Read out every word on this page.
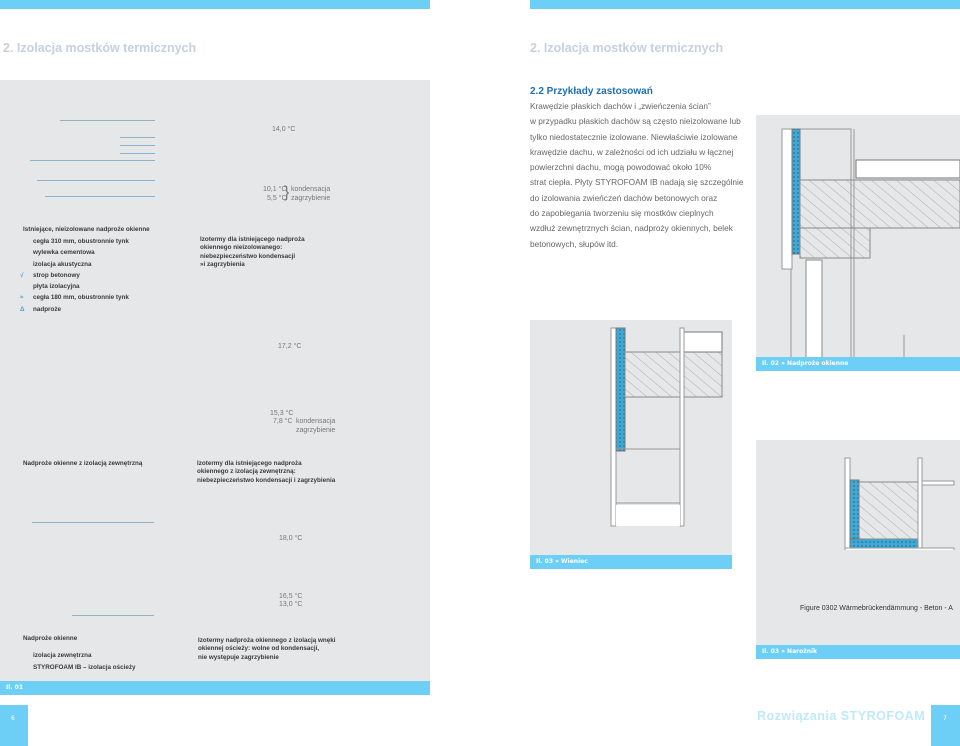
2. Izolacja mostków termicznych	2. Izolacja mostków termicznych
14,0 °C
10,1 °C
5,5 °C
} kondensacja
zagrzybienie
Istniejące, nieizolowane nadproże okienne
cegła 310 mm, obustronnie tynk
wylewka cementowa
izolacja akustyczna
√	strop betonowy
płyta izolacyjna
≈	cegła 180 mm, obustronnie tynk
Δ	nadproże
Izotermy dla istniejącego nadproża
okiennego nieizolowanego:
niebezpieczeństwo kondensacji
»i zagrzybienia
17,2 °C
15,3 °C
7,8 °C kondensacja
zagrzybienie
Nadproże okienne z izolacją zewnętrzną	Izotermy dla istniejącego nadproża
okiennego z izolacją zewnętrzną:
niebezpieczeństwo kondensacji i zagrzybienia
18,0 °C
16,5 °C
13,0 °C
Nadproże okienne
izolacja zewnętrzna
STYROFOAM IB – izolacja ościeży
Izotermy nadproża okiennego z izolacją wnęki
okiennej ościeży: wolne od kondensacji,
nie występuje zagrzybienie
Il. 01
2.2 Przykłady zastosowań

Krawędzie płaskich dachów i „zwieńczenia ścian”

w przypadku płaskich dachów są często nieizolowane lub

tylko niedostatecznie izolowane. Niewłaściwie izolowane

krawędzie dachu, w zależności od ich udziału w łącznej

powierzchni dachu, mogą powodować około 10%

strat ciepła. Płyty STYROFOAM IB nadają się szczególnie

do izolowania zwieńczeń dachów betonowych oraz

do zapobiegania tworzeniu się mostków cieplnych

wzdłuż zewnętrznych ścian, nadproży okiennych, belek

betonowych, słupów itd.

Il. 02 » Nadproże okienne
Il. 03 » Wieniec
Figure 0302 Wärmebrückendämmung - Beton - A
Il. 03 » Narożnik
6	Rozwiązania STYROFOAM	7
